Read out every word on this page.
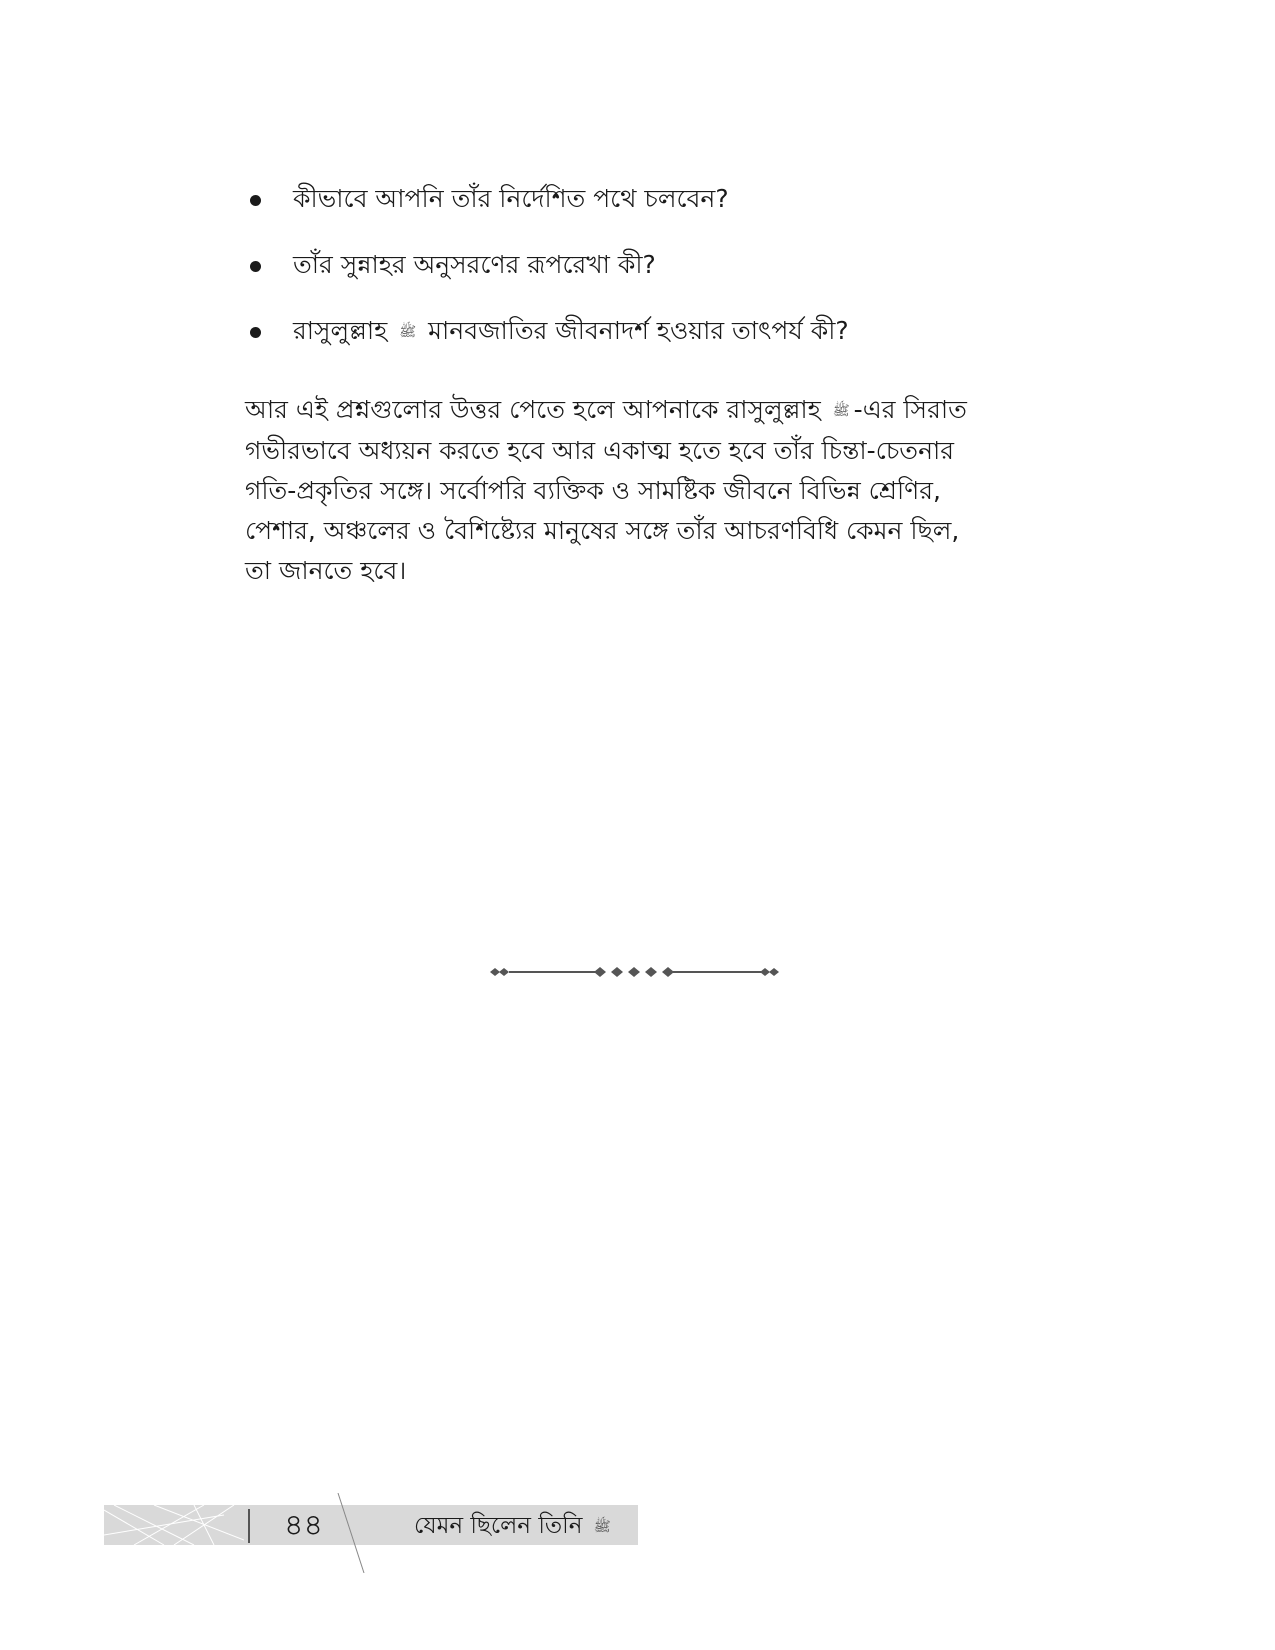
কীভাবে আপনি তাঁর নির্দেশিত পথে চলবেন?
তাঁর সুন্নাহর অনুসরণের রূপরেখা কী?
রাসুলুল্লাহ ﷺ মানবজাতির জীবনাদর্শ হওয়ার তাৎপর্য কী?
আর এই প্রশ্নগুলোর উত্তর পেতে হলে আপনাকে রাসুলুল্লাহ ﷺ -এর সিরাত
গভীরভাবে অধ্যয়ন করতে হবে আর একাত্ম হতে হবে তাঁর চিন্তা-চেতনার
গতি-প্রকৃতির সঙ্গে। সর্বোপরি ব্যক্তিক ও সামষ্টিক জীবনে বিভিন্ন শ্রেণির,
পেশার, অঞ্চলের ও বৈশিষ্ট্যের মানুষের সঙ্গে তাঁর আচরণবিধি কেমন ছিল,
তা জানতে হবে।
৪৪	যেমন ছিলেন তিনি ﷺ
